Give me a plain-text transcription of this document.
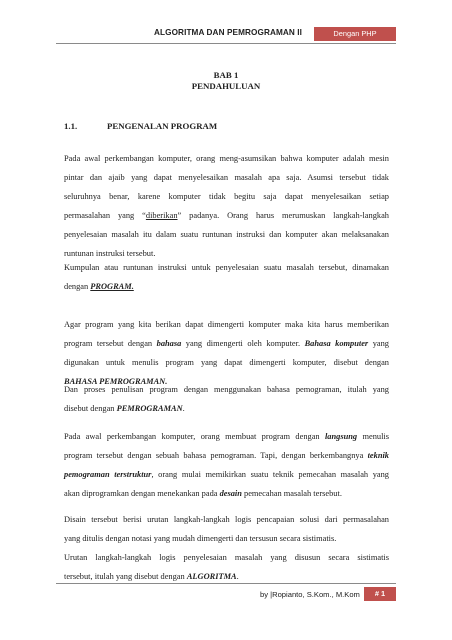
ALGORITMA DAN PEMROGRAMAN II	Dengan PHP
BAB 1
PENDAHULUAN
1.1.	PENGENALAN PROGRAM
Pada awal perkembangan komputer, orang meng-asumsikan bahwa komputer adalah mesin
pintar dan ajaib yang dapat menyelesaikan masalah apa saja. Asumsi tersebut tidak
seluruhnya benar, karene komputer tidak begitu saja dapat menyelesaikan setiap
permasalahan yang “diberikan” padanya. Orang harus merumuskan langkah-langkah
penyelesaian masalah itu dalam suatu runtunan instruksi dan komputer akan melaksanakan
runtunan instruksi tersebut.
Kumpulan atau runtunan instruksi untuk penyelesaian suatu masalah tersebut, dinamakan
dengan PROGRAM.
Agar program yang kita berikan dapat dimengerti komputer maka kita harus memberikan
program tersebut dengan bahasa yang dimengerti oleh komputer. Bahasa komputer yang
digunakan untuk menulis program yang dapat dimengerti komputer, disebut dengan
BAHASA PEMROGRAMAN.
Dan proses penulisan program dengan menggunakan bahasa pemograman, itulah yang
disebut dengan PEMROGRAMAN.
Pada awal perkembangan komputer, orang membuat program dengan langsung menulis
program tersebut dengan sebuah bahasa pemograman. Tapi, dengan berkembangnya teknik
pemograman terstruktur, orang mulai memikirkan suatu teknik pemecahan masalah yang
akan diprogramkan dengan menekankan pada desain pemecahan masalah tersebut.
Disain tersebut berisi urutan langkah-langkah logis pencapaian solusi dari permasalahan
yang ditulis dengan notasi yang mudah dimengerti dan tersusun secara sistimatis.
Urutan langkah-langkah logis penyelesaian masalah yang disusun secara sistimatis
tersebut, itulah yang disebut dengan ALGORITMA.
by |Ropianto, S.Kom., M.Kom	# 1
